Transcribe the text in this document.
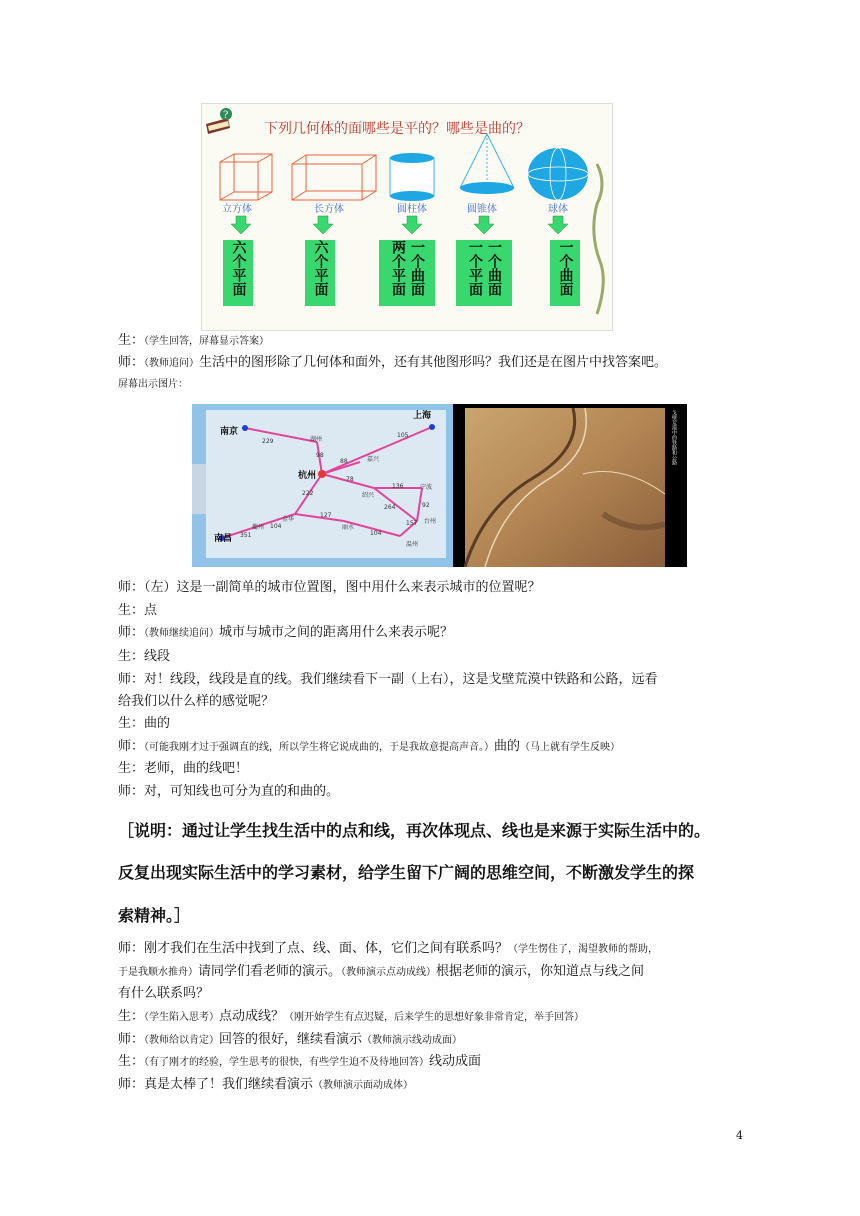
?
下列几何体的面哪些是平的？哪些是曲的？
立方体	长方体	圆柱体	圆锥体	球体
六个平面	六个平面	两个平面 一个曲面	一个平面 一个曲面	一个曲面
生：（学生回答，屏幕显示答案）
师：（教师追问）生活中的图形除了几何体和面外，还有其他图形吗？我们还是在图片中找答案吧。
屏幕出示图片：
南京
上海
杭州
南昌
湖州
嘉兴
绍兴
宁波
金华
衢州	丽水
台州
温州
229
105
88
136
264
222
351
104
127
104
157
78
92
98	戈壁荒漠中的铁路和公路
师：（左）这是一副简单的城市位置图，图中用什么来表示城市的位置呢？
生：点
师：（教师继续追问）城市与城市之间的距离用什么来表示呢？
生：线段
师：对！线段，线段是直的线。我们继续看下一副（上右），这是戈壁荒漠中铁路和公路，远看
给我们以什么样的感觉呢？
生：曲的
师：（可能我刚才过于强调直的线，所以学生将它说成曲的，于是我故意提高声音。）曲的（马上就有学生反映）
生：老师，曲的线吧！
师：对，可知线也可分为直的和曲的。
［说明：通过让学生找生活中的点和线，再次体现点、线也是来源于实际生活中的。
反复出现实际生活中的学习素材，给学生留下广阔的思维空间，不断激发学生的探
索精神。］
师：刚才我们在生活中找到了点、线、面、体，它们之间有联系吗？（学生愣住了，渴望教师的帮助，
于是我顺水推舟）请同学们看老师的演示。（教师演示点动成线）根据老师的演示，你知道点与线之间
有什么联系吗？
生：（学生陷入思考）点动成线？（刚开始学生有点迟疑，后来学生的思想好象非常肯定，举手回答）
师：（教师给以肯定）回答的很好，继续看演示（教师演示线动成面）
生：（有了刚才的经验，学生思考的很快，有些学生迫不及待地回答）线动成面
师：真是太棒了！我们继续看演示（教师演示面动成体）
4
